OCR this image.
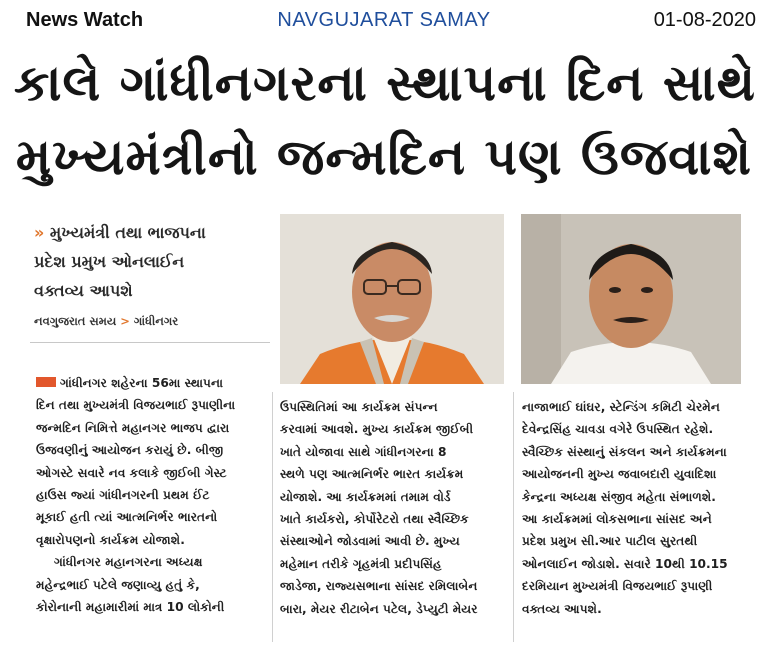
News Watch	NAVGUJARAT SAMAY	01-08-2020
કાલે ગાંધીનગરના સ્થાપના દિન સાથે
મુખ્યમંત્રીનો જન્મદિન પણ ઉજવાશે
» મુખ્યમંત્રી તથા ભાજપના
પ્રદેશ પ્રમુખ ઓનલાઈન
વક્તવ્ય આપશે
નવગુજરાત સમય > ગાંધીનગર
ગાંધીનગર શહેરના 56મા સ્થાપના
દિન તથા મુખ્યમંત્રી વિજયભાઈ રૂપાણીના
જન્મદિન નિમિત્તે મહાનગર ભાજપ દ્વારા
ઉજવણીનું આયોજન કરાયું છે. બીજી
ઓગસ્ટે સવારે નવ કલાકે જીઈબી ગેસ્ટ
હાઉસ જ્યાં ગાંધીનગરની પ્રથમ ઈંટ
મૂકાઈ હતી ત્યાં આત્મનિર્ભર ભારતનો
વૃક્ષારોપણનો કાર્યક્રમ યોજાશે.
ગાંધીનગર મહાનગરના અધ્યક્ષ
મહેન્દ્રભાઈ પટેલે જણાવ્યુ હતું કે,
કોરોનાની મહામારીમાં માત્ર 10 લોકોની
ઉપસ્થિતિમાં આ કાર્યક્રમ સંપન્ન
કરવામાં આવશે. મુખ્ય કાર્યક્રમ જીઈબી
ખાતે યોજાવા સાથે ગાંધીનગરના 8
સ્થળે પણ આત્મનિર્ભર ભારત કાર્યક્રમ
યોજાશે. આ કાર્યક્રમમાં તમામ વોર્ડ
ખાતે કાર્યકરો, કોર્પોરેટરો તથા સ્વૈચ્છિક
સંસ્થાઓને જોડવામાં આવી છે. મુખ્ય
મહેમાન તરીકે ગૃહમંત્રી પ્રદીપસિંહ
જાડેજા, રાજ્યસભાના સાંસદ રમિલાબેન
બારા, મેયર રીટાબેન પટેલ, ડેપ્યુટી મેયર
નાજાભાઈ ઘાંઘર, સ્ટેન્ડિંગ કમિટી ચેરમેન
દેવેન્દ્રસિંહ ચાવડા વગેરે ઉપસ્થિત રહેશે.
સ્વૈચ્છિક સંસ્થાનું સંકલન અને કાર્યક્રમના
આયોજનની મુખ્ય જવાબદારી યુવાદિશા
કેન્દ્રના અધ્યક્ષ સંજીવ મહેતા સંભાળશે.
આ કાર્યક્રમમાં લોકસભાના સાંસદ અને
પ્રદેશ પ્રમુખ સી.આર પાટીલ સુરતથી
ઓનલાઈન જોડાશે. સવારે 10થી 10.15
દરમિયાન મુખ્યમંત્રી વિજયભાઈ રૂપાણી
વક્તવ્ય આપશે.
